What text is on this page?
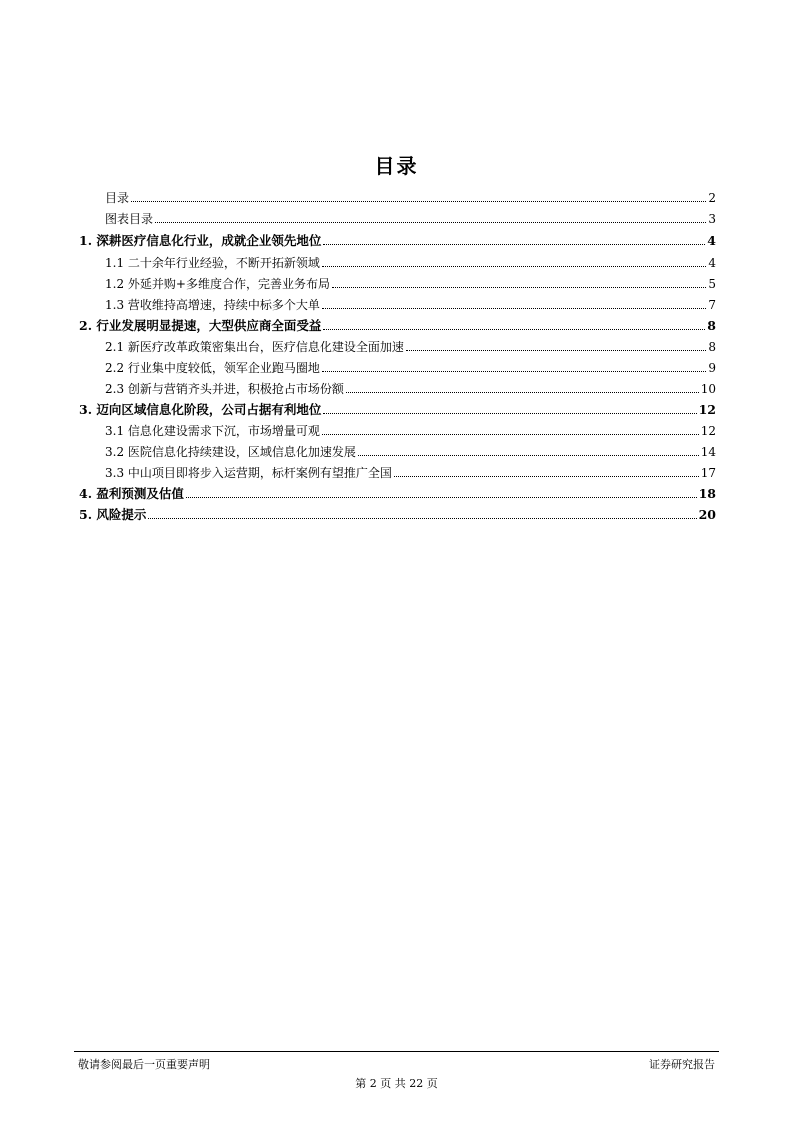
目录
目录	2
图表目录	3
1. 深耕医疗信息化行业，成就企业领先地位	4
1.1 二十余年行业经验，不断开拓新领域	4
1.2 外延并购+多维度合作，完善业务布局	5
1.3 营收维持高增速，持续中标多个大单	7
2. 行业发展明显提速，大型供应商全面受益	8
2.1 新医疗改革政策密集出台，医疗信息化建设全面加速	8
2.2 行业集中度较低，领军企业跑马圈地	9
2.3 创新与营销齐头并进，积极抢占市场份额	10
3. 迈向区域信息化阶段，公司占据有利地位	12
3.1 信息化建设需求下沉，市场增量可观	12
3.2 医院信息化持续建设，区域信息化加速发展	14
3.3 中山项目即将步入运营期，标杆案例有望推广全国	17
4. 盈利预测及估值	18
5. 风险提示	20
敬请参阅最后一页重要声明	证券研究报告
第 2 页 共 22 页
